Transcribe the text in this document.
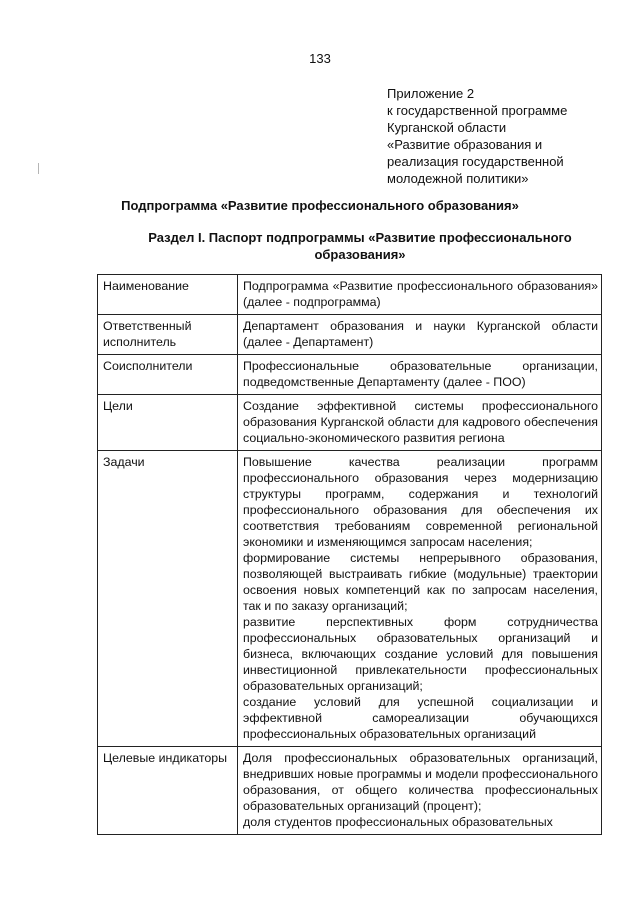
133
Приложение 2
к государственной программе
Курганской области
«Развитие образования и
реализация государственной
молодежной политики»
Подпрограмма «Развитие профессионального образования»
Раздел I. Паспорт подпрограммы «Развитие профессионального
образования»
Наименование	Подпрограмма «Развитие профессионального образования» (далее - подпрограмма)

Ответственный исполнитель	Департамент образования и науки Курганской области (далее - Департамент)

Соисполнители	Профессиональные образовательные организации, подведомственные Департаменту (далее - ПОО)

Цели	Создание эффективной системы профессионального образования Курганской области для кадрового обеспечения социально-экономического развития региона

Задачи	Повышение качества реализации программ профессионального образования через модернизацию структуры программ, содержания и технологий профессионального образования для обеспечения их соответствия требованиям современной региональной экономики и изменяющимся запросам населения;
формирование системы непрерывного образования, позволяющей выстраивать гибкие (модульные) траектории освоения новых компетенций как по запросам населения, так и по заказу организаций;
развитие перспективных форм сотрудничества профессиональных образовательных организаций и бизнеса, включающих создание условий для повышения инвестиционной привлекательности профессиональных образовательных организаций;
создание условий для успешной социализации и эффективной самореализации обучающихся профессиональных образовательных организаций

Целевые индикаторы	Доля профессиональных образовательных организаций, внедривших новые программы и модели профессионального образования, от общего количества профессиональных образовательных организаций (процент);
доля студентов профессиональных образовательных
